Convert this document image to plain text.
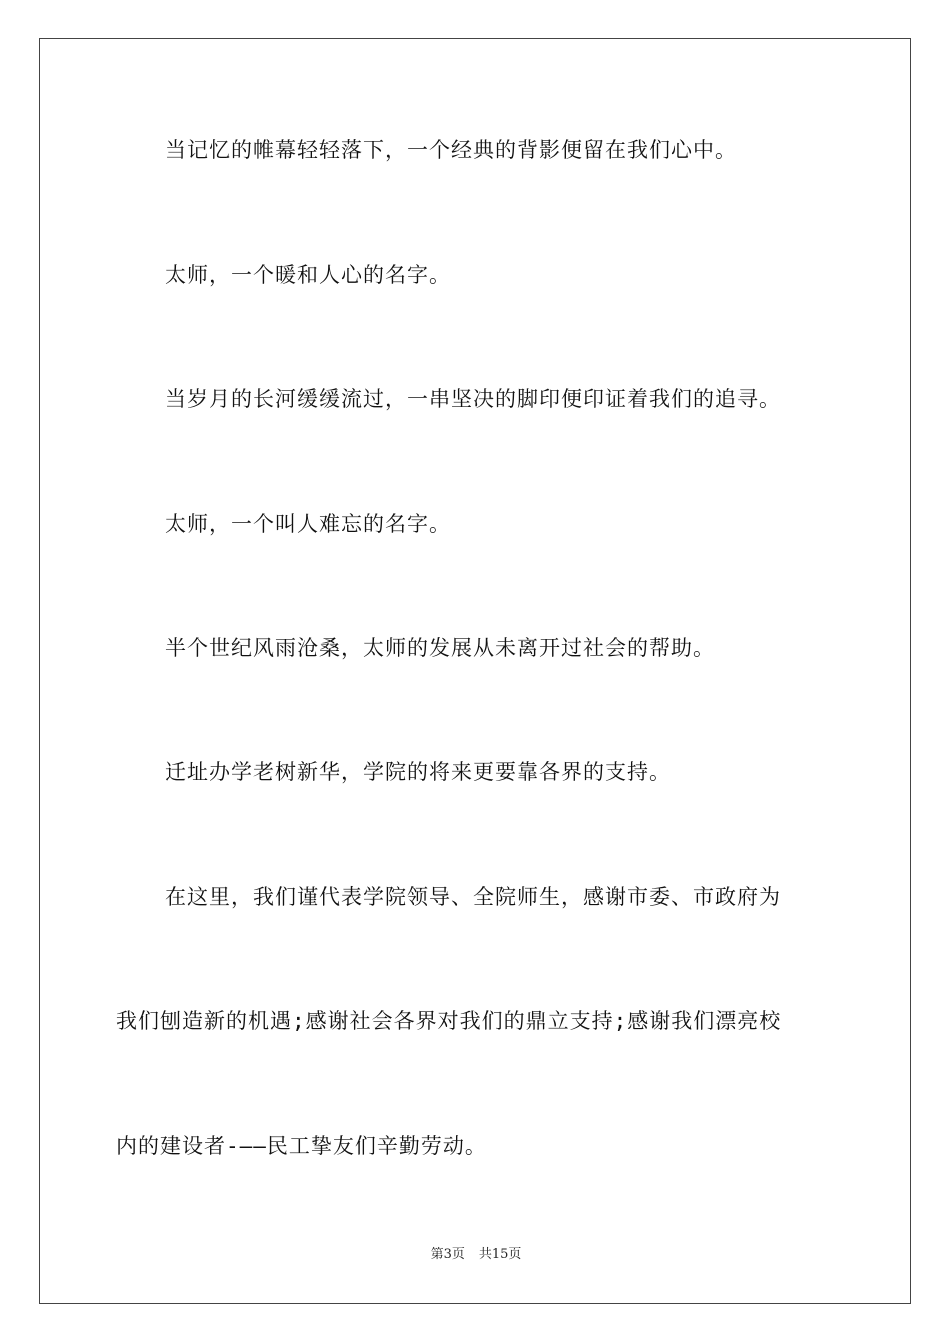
当记忆的帷幕轻轻落下，一个经典的背影便留在我们心中。
太师，一个暖和人心的名字。
当岁月的长河缓缓流过，一串坚决的脚印便印证着我们的追寻。
太师，一个叫人难忘的名字。
半个世纪风雨沧桑，太师的发展从未离开过社会的帮助。
迁址办学老树新华，学院的将来更要靠各界的支持。
在这里，我们谨代表学院领导、全院师生，感谢市委、市政府为
我们刨造新的机遇;感谢社会各界对我们的鼎立支持;感谢我们漂亮校
内的建设者-——民工挚友们辛勤劳动。
第3页 共15页
